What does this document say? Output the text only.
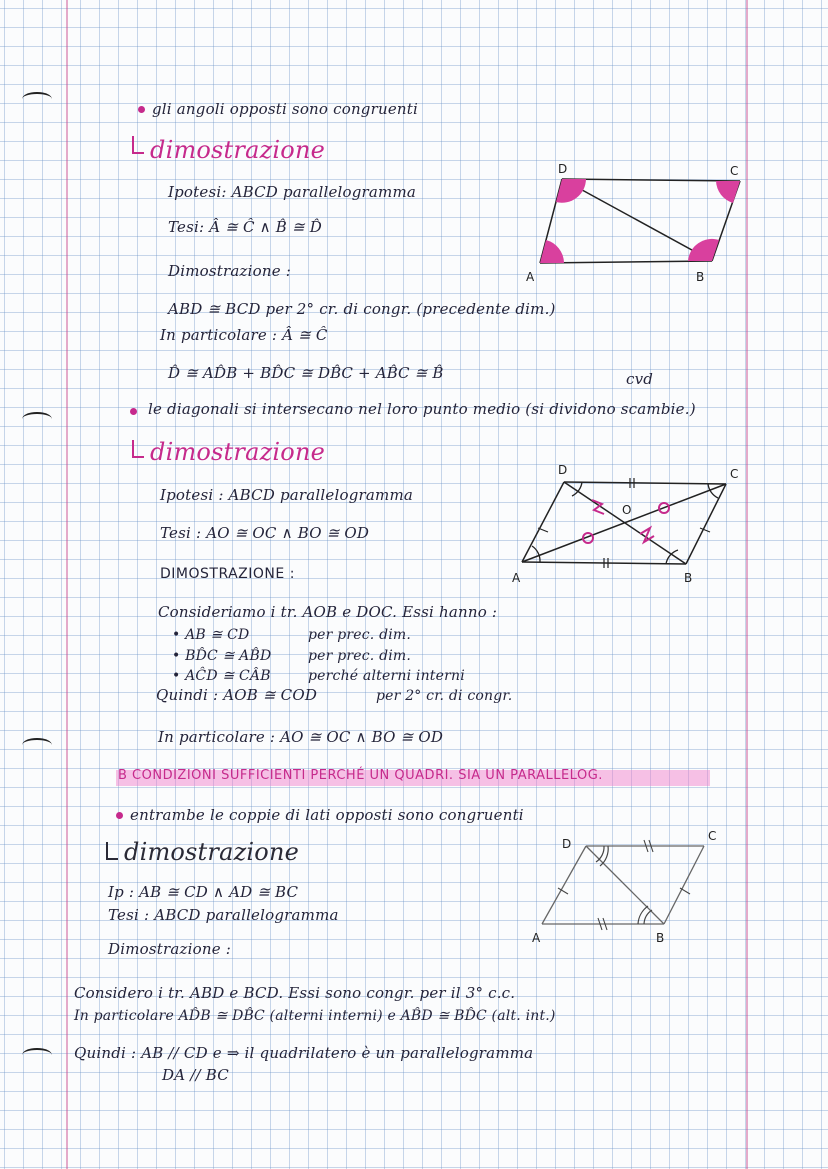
gli angoli opposti sono congruenti
dimostrazione
Ipotesi: ABCD parallelogramma
Tesi: Â ≅ Ĉ ∧ B̂ ≅ D̂
Dimostrazione :
ABD ≅ BCD per 2° cr. di congr. (precedente dim.)
In particolare : Â ≅ Ĉ
D̂ ≅ AD̂B + BD̂C ≅ DB̂C + AB̂C ≅ B̂	cvd
A	B
C
D
le diagonali si intersecano nel loro punto medio (si dividono scambie.)
dimostrazione
Ipotesi : ABCD parallelogramma
Tesi : AO ≅ OC ∧ BO ≅ OD
DIMOSTRAZIONE :
Consideriamo i tr. AOB e DOC. Essi hanno :
• AB ≅ CD	per prec. dim.
• BD̂C ≅ AB̂D	per prec. dim.
• AĈD ≅ CÂB	perché alterni interni
Quindi : AOB ≅ COD	per 2° cr. di congr.
In particolare : AO ≅ OC ∧ BO ≅ OD
A	B
C
D
O
B CONDIZIONI SUFFICIENTI PERCHÉ UN QUADRI. SIA UN PARALLELOG.
entrambe le coppie di lati opposti sono congruenti
dimostrazione
Ip : AB ≅ CD ∧ AD ≅ BC
Tesi : ABCD parallelogramma
Dimostrazione :
Considero i tr. ABD e BCD. Essi sono congr. per il 3° c.c.
In particolare AD̂B ≅ DB̂C (alterni interni) e AB̂D ≅ BD̂C (alt. int.)
Quindi : AB // CD e ⇒ il quadrilatero è un parallelogramma
DA // BC
A	B
C
D
